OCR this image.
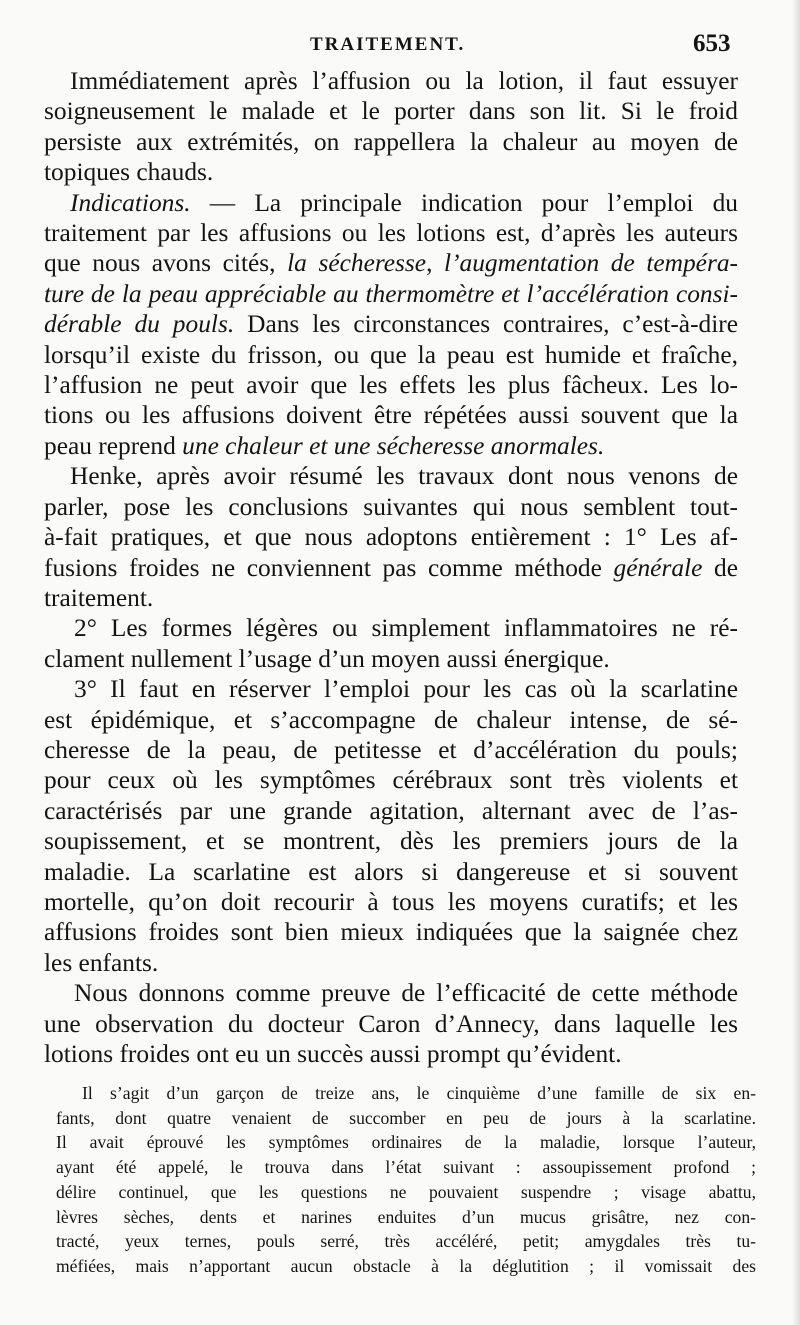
TRAITEMENT.	653

Immédiatement après l’affusion ou la lotion, il faut essuyer
soigneusement le malade et le porter dans son lit. Si le froid
persiste aux extrémités, on rappellera la chaleur au moyen de
topiques chauds.

Indications. — La principale indication pour l’emploi du
traitement par les affusions ou les lotions est, d’après les auteurs
que nous avons cités, la sécheresse, l’augmentation de tempéra-
ture de la peau appréciable au thermomètre et l’accélération consi-
dérable du pouls. Dans les circonstances contraires, c’est-à-dire
lorsqu’il existe du frisson, ou que la peau est humide et fraîche,
l’affusion ne peut avoir que les effets les plus fâcheux. Les lo-
tions ou les affusions doivent être répétées aussi souvent que la
peau reprend une chaleur et une sécheresse anormales.

Henke, après avoir résumé les travaux dont nous venons de
parler, pose les conclusions suivantes qui nous semblent tout-
à-fait pratiques, et que nous adoptons entièrement : 1° Les af-
fusions froides ne conviennent pas comme méthode générale de
traitement.

2° Les formes légères ou simplement inflammatoires ne ré-
clament nullement l’usage d’un moyen aussi énergique.

3° Il faut en réserver l’emploi pour les cas où la scarlatine
est épidémique, et s’accompagne de chaleur intense, de sé-
cheresse de la peau, de petitesse et d’accélération du pouls;
pour ceux où les symptômes cérébraux sont très violents et
caractérisés par une grande agitation, alternant avec de l’as-
soupissement, et se montrent, dès les premiers jours de la
maladie. La scarlatine est alors si dangereuse et si souvent
mortelle, qu’on doit recourir à tous les moyens curatifs; et les
affusions froides sont bien mieux indiquées que la saignée chez
les enfants.

Nous donnons comme preuve de l’efficacité de cette méthode
une observation du docteur Caron d’Annecy, dans laquelle les
lotions froides ont eu un succès aussi prompt qu’évident.

Il s’agit d’un garçon de treize ans, le cinquième d’une famille de six en-
fants, dont quatre venaient de succomber en peu de jours à la scarlatine.
Il avait éprouvé les symptômes ordinaires de la maladie, lorsque l’auteur,
ayant été appelé, le trouva dans l’état suivant : assoupissement profond ;
délire continuel, que les questions ne pouvaient suspendre ; visage abattu,
lèvres sèches, dents et narines enduites d’un mucus grisâtre, nez con-
tracté, yeux ternes, pouls serré, très accéléré, petit; amygdales très tu-
méfiées, mais n’apportant aucun obstacle à la déglutition ; il vomissait des
